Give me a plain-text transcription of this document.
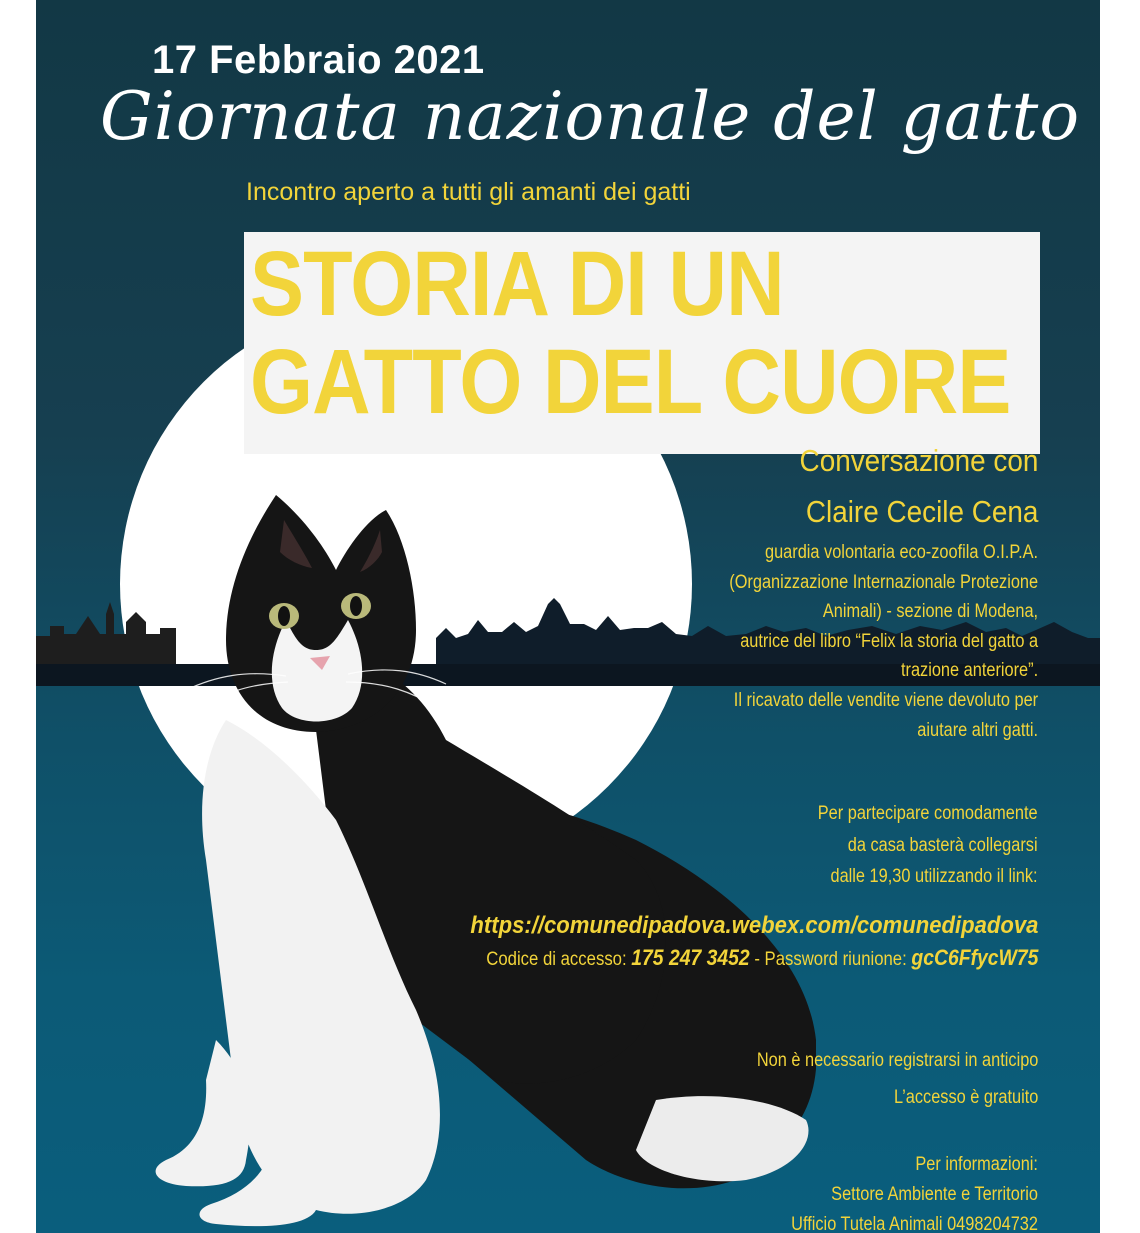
17 Febbraio 2021
Giornata nazionale del gatto
Incontro aperto a tutti gli amanti dei gatti
STORIA DI UN
GATTO DEL CUORE
Conversazione con
Claire Cecile Cena
guardia volontaria eco-zoofila O.I.P.A.
(Organizzazione Internazionale Protezione
Animali) - sezione di Modena,
autrice del libro “Felix la storia del gatto a
trazione anteriore”.
Il ricavato delle vendite viene devoluto per
aiutare altri gatti.
Per partecipare comodamente
da casa basterà collegarsi
dalle 19,30 utilizzando il link:
https://comunedipadova.webex.com/comunedipadova
Codice di accesso: 175 247 3452 - Password riunione: gcC6FfycW75
Non è necessario registrarsi in anticipo
L’accesso è gratuito
Per informazioni:
Settore Ambiente e Territorio
Ufficio Tutela Animali 0498204732
